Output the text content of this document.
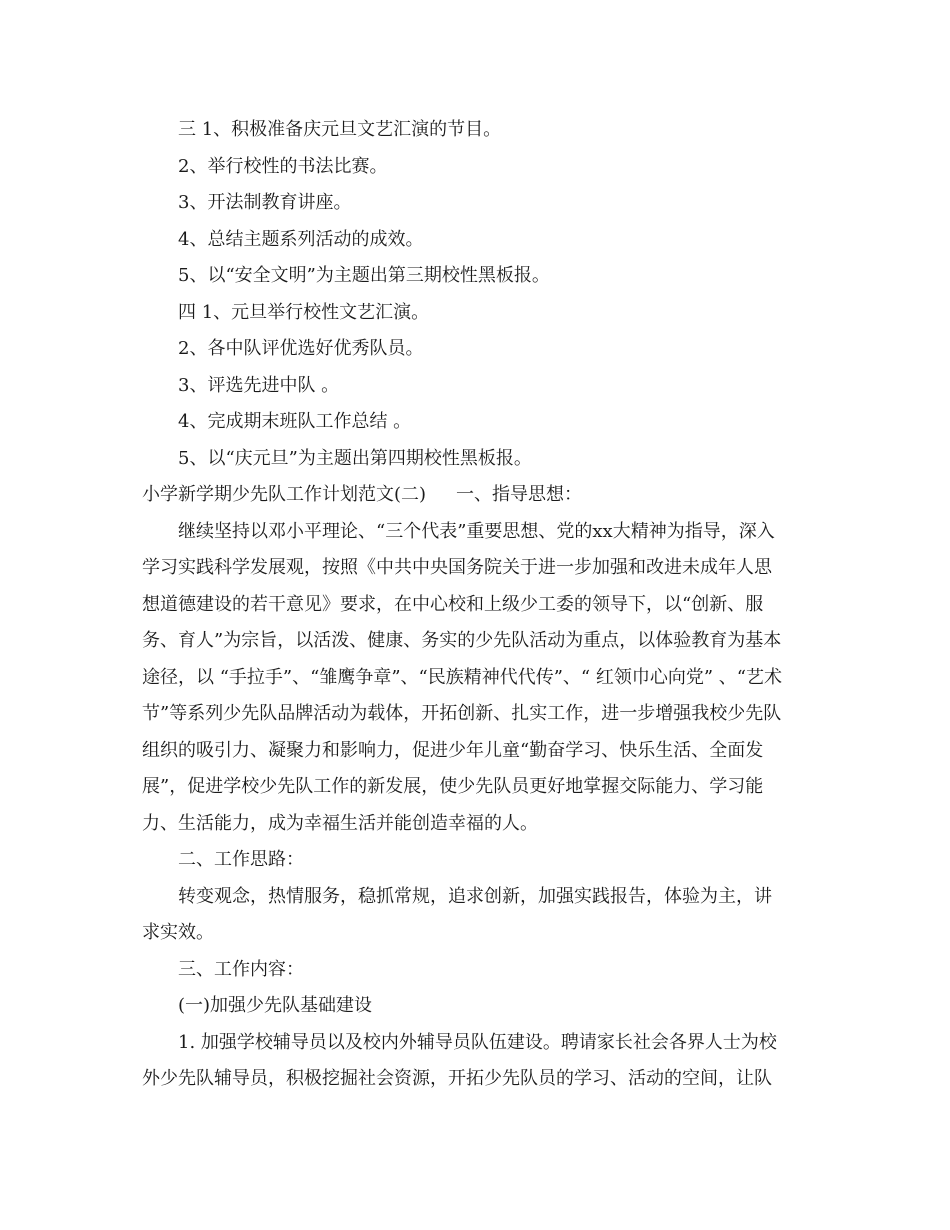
三 1、积极准备庆元旦文艺汇演的节目。

2、举行校性的书法比赛。

3、开法制教育讲座。

4、总结主题系列活动的成效。

5、以“安全文明”为主题出第三期校性黑板报。

四 1、元旦举行校性文艺汇演。

2、各中队评优选好优秀队员。

3、评选先进中队 。

4、完成期末班队工作总结 。

5、以“庆元旦”为主题出第四期校性黑板报。

小学新学期少先队工作计划范文(二) 一、指导思想：

继续坚持以邓小平理论、“三个代表”重要思想、党的xx大精神为指导，深入

学习实践科学发展观，按照《中共中央国务院关于进一步加强和改进未成年人思

想道德建设的若干意见》要求，在中心校和上级少工委的领导下，以“创新、服

务、育人”为宗旨，以活泼、健康、务实的少先队活动为重点，以体验教育为基本

途径，以 “手拉手”、“雏鹰争章”、“民族精神代代传”、“ 红领巾心向党” 、“艺术

节”等系列少先队品牌活动为载体，开拓创新、扎实工作，进一步增强我校少先队

组织的吸引力、凝聚力和影响力，促进少年儿童“勤奋学习、快乐生活、全面发

展”，促进学校少先队工作的新发展，使少先队员更好地掌握交际能力、学习能

力、生活能力，成为幸福生活并能创造幸福的人。

二、工作思路：

转变观念，热情服务，稳抓常规，追求创新，加强实践报告，体验为主，讲

求实效。

三、工作内容：

(一)加强少先队基础建设

1. 加强学校辅导员以及校内外辅导员队伍建设。聘请家长社会各界人士为校

外少先队辅导员，积极挖掘社会资源，开拓少先队员的学习、活动的空间，让队
